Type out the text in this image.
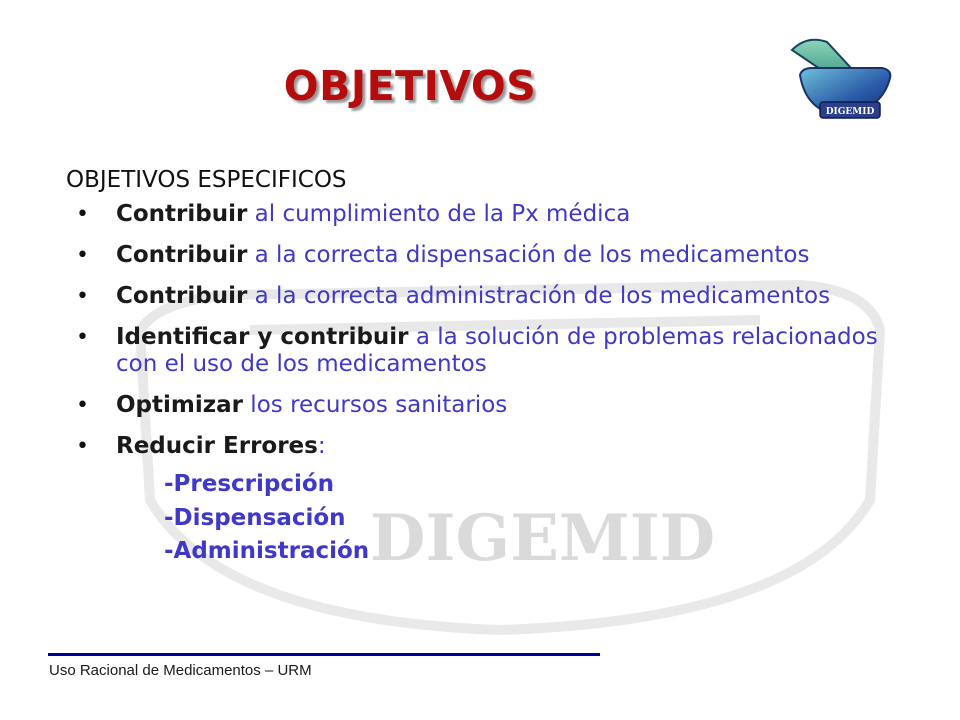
DIGEMID
OBJETIVOS
DIGEMID
OBJETIVOS ESPECIFICOS
• Contribuir al cumplimiento de la Px médica
• Contribuir a la correcta dispensación de los medicamentos
• Contribuir a la correcta administración de los medicamentos
• Identificar y contribuir a la solución de problemas relacionados con el uso de los medicamentos
• Optimizar los recursos sanitarios
• Reducir Errores:
-Prescripción
-Dispensación
-Administración
Uso Racional de Medicamentos – URM
